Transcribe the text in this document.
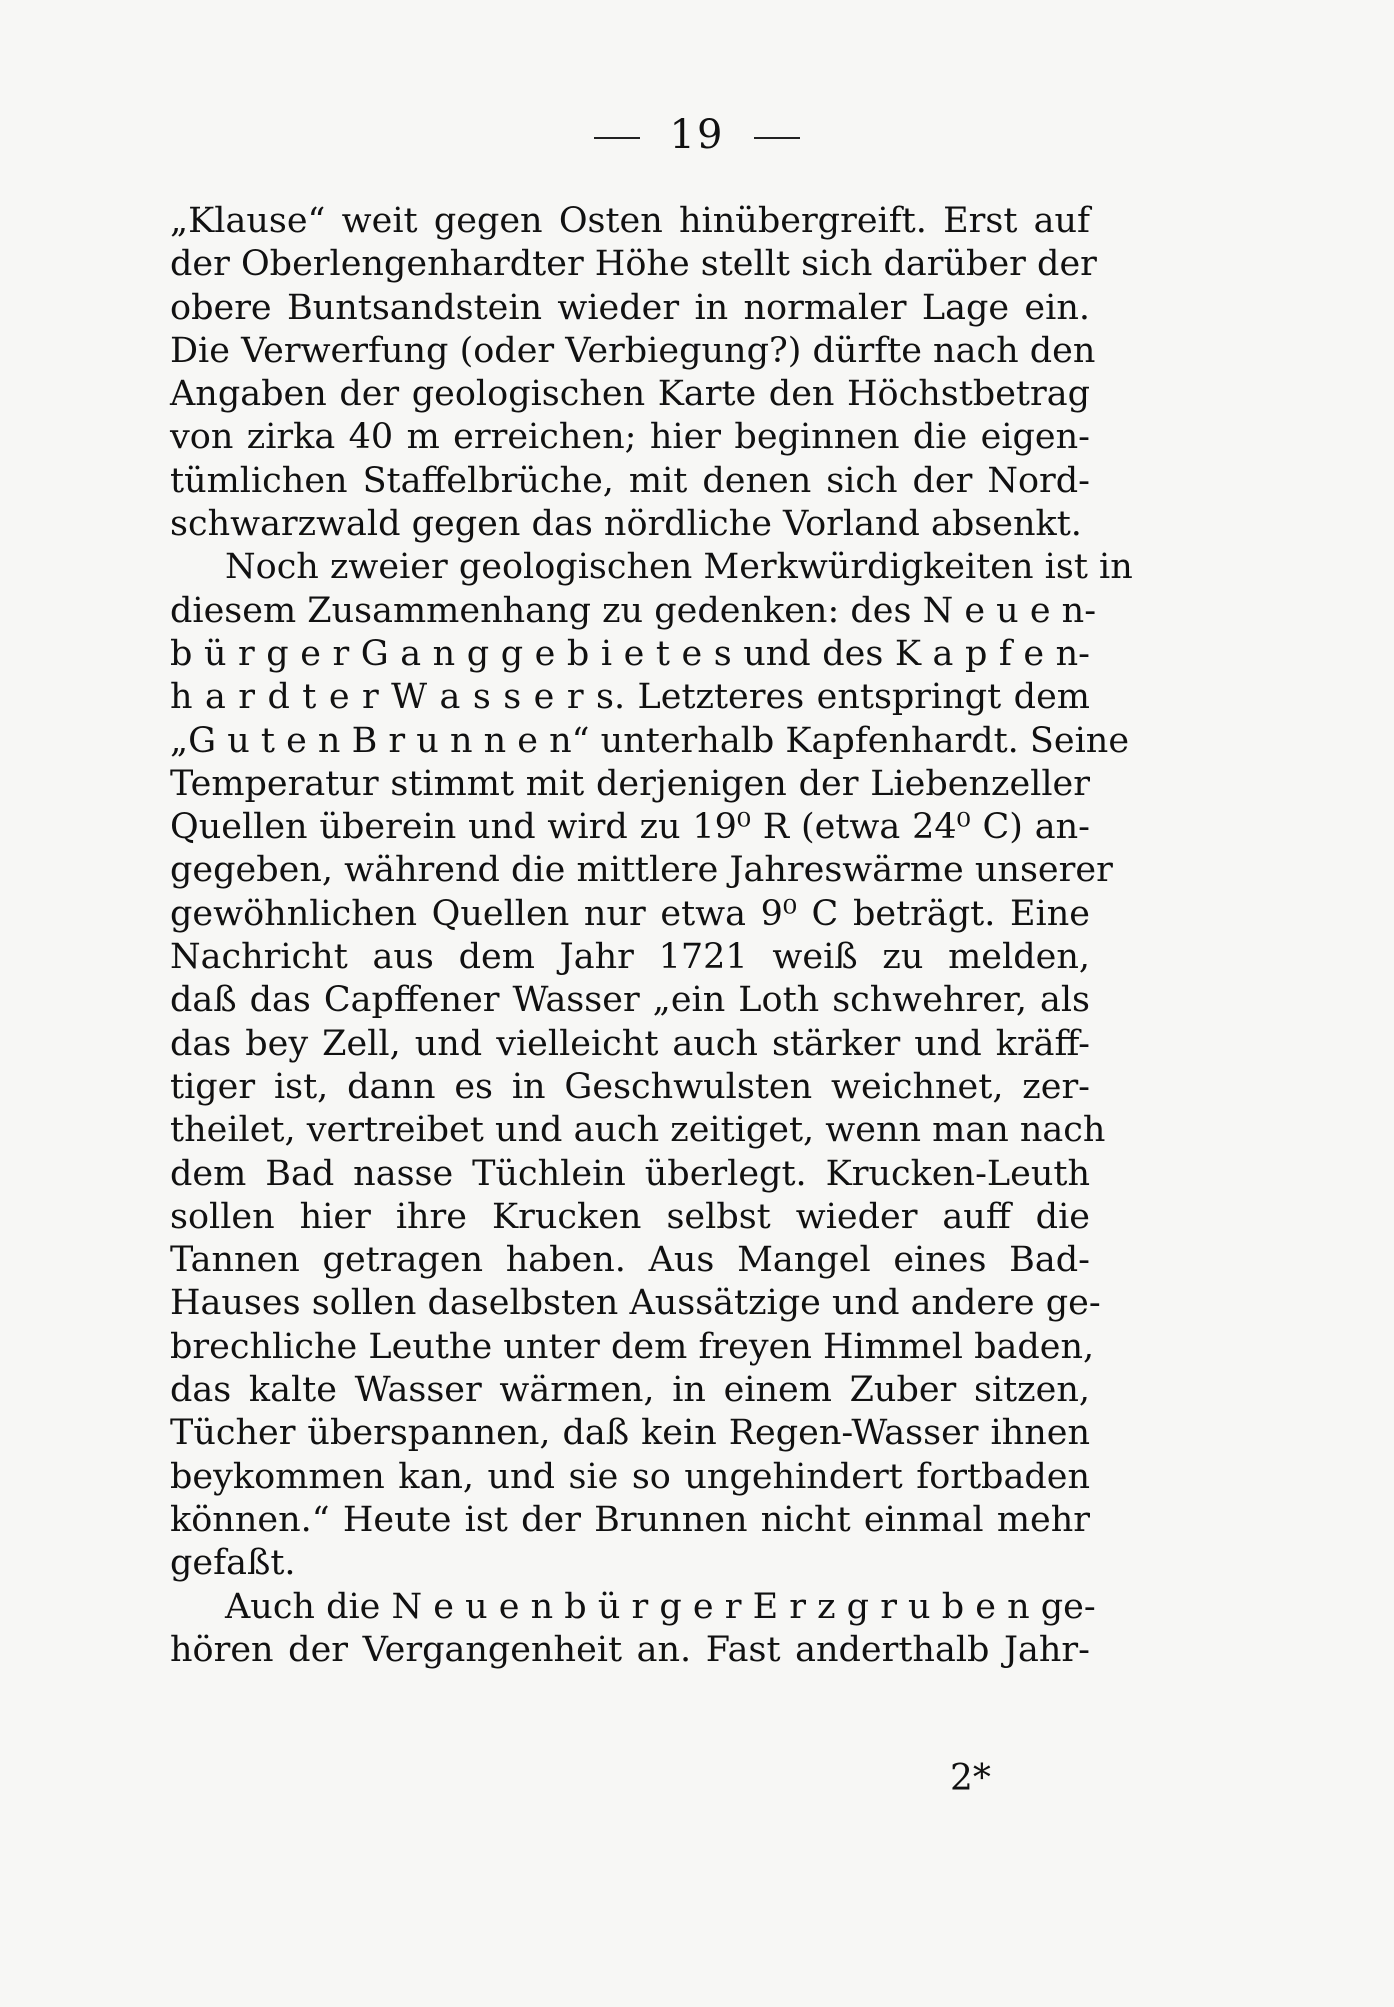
19
„Klause“ weit gegen Osten hinübergreift. Erst auf
der Oberlengenhardter Höhe stellt sich darüber der
obere Buntsandstein wieder in normaler Lage ein.
Die Verwerfung (oder Verbiegung?) dürfte nach den
Angaben der geologischen Karte den Höchstbetrag
von zirka 40 m erreichen; hier beginnen die eigen-
tümlichen Staffelbrüche, mit denen sich der Nord-
schwarzwald gegen das nördliche Vorland absenkt.
Noch zweier geologischen Merkwürdigkeiten ist in
diesem Zusammenhang zu gedenken: des N e u e n-
b ü r g e r G a n g g e b i e t e s und des K a p f e n-
h a r d t e r W a s s e r s. Letzteres entspringt dem
„G u t e n B r u n n e n“ unterhalb Kapfenhardt. Seine
Temperatur stimmt mit derjenigen der Liebenzeller
Quellen überein und wird zu 19⁰ R (etwa 24⁰ C) an-
gegeben, während die mittlere Jahreswärme unserer
gewöhnlichen Quellen nur etwa 9⁰ C beträgt. Eine
Nachricht aus dem Jahr 1721 weiß zu melden,
daß das Capffener Wasser „ein Loth schwehrer, als
das bey Zell, und vielleicht auch stärker und kräff-
tiger ist, dann es in Geschwulsten weichnet, zer-
theilet, vertreibet und auch zeitiget, wenn man nach
dem Bad nasse Tüchlein überlegt. Krucken-Leuth
sollen hier ihre Krucken selbst wieder auff die
Tannen getragen haben. Aus Mangel eines Bad-
Hauses sollen daselbsten Aussätzige und andere ge-
brechliche Leuthe unter dem freyen Himmel baden,
das kalte Wasser wärmen, in einem Zuber sitzen,
Tücher überspannen, daß kein Regen-Wasser ihnen
beykommen kan, und sie so ungehindert fortbaden
können.“ Heute ist der Brunnen nicht einmal mehr
gefaßt.
Auch die N e u e n b ü r g e r E r z g r u b e n ge-
hören der Vergangenheit an. Fast anderthalb Jahr-
2*
